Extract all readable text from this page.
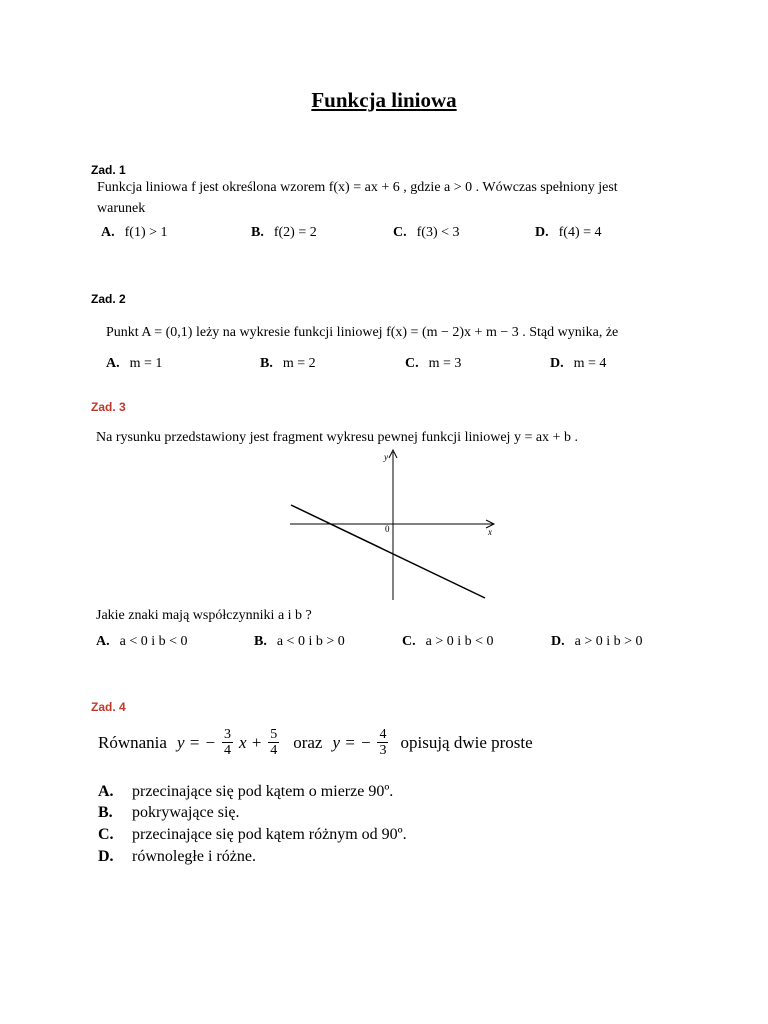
Funkcja liniowa
Zad. 1
Funkcja liniowa f jest określona wzorem f(x) = ax + 6 , gdzie a > 0 . Wówczas spełniony jest
warunek
A. f(1) > 1	B. f(2) = 2	C. f(3) < 3	D. f(4) = 4
Zad. 2
Punkt A = (0,1) leży na wykresie funkcji liniowej f(x) = (m − 2)x + m − 3 . Stąd wynika, że
A. m = 1	B. m = 2	C. m = 3	D. m = 4
Zad. 3
Na rysunku przedstawiony jest fragment wykresu pewnej funkcji liniowej y = ax + b .
y
x
0
Jakie znaki mają współczynniki a i b ?
A. a < 0 i b < 0	B. a < 0 i b > 0	C. a > 0 i b < 0	D. a > 0 i b > 0
Zad. 4
Równania y = − $\frac{3}{4}$ $x + \frac{5}{4}$ oraz y = − $\frac{4}{3}$ opisują dwie proste
A. przecinające się pod kątem o mierze 90º.
B. pokrywające się.
C. przecinające się pod kątem różnym od 90º.
D. równoległe i różne.
